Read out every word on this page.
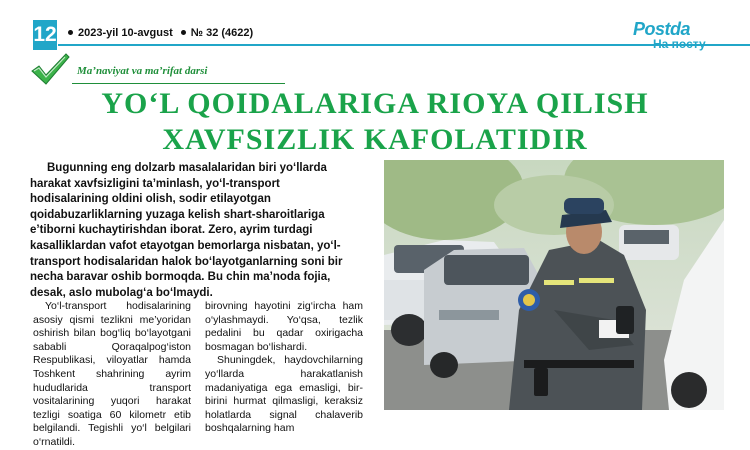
12	2023-yil 10-avgust № 32 (4622)	Postda
Ma’naviyat va ma’rifat darsi
YO‘L QOIDALARIGA RIOYA QILISH
XAVFSIZLIK KAFOLATIDIR
Bugunning eng dolzarb masalalaridan biri yo‘llarda harakat xavfsizligini ta’minlash, yo‘l-transport hodisalarining oldini olish, sodir etilayotgan qoidabuzarliklarning yuzaga kelish shart-sharoitlariga e’tiborni kuchaytirishdan iborat. Zero, ayrim turdagi kasalliklardan vafot etayotgan bemorlarga nisbatan, yo‘l-transport hodisalaridan halok bo‘layotganlarning soni bir necha baravar oshib bormoqda. Bu chin ma’noda fojia, desak, aslo mubolag‘a bo‘lmaydi.

Yo‘l-transport hodisalarining asosiy qismi tezlikni me’yoridan oshirish bilan bog‘liq bo‘layotgani sababli Qoraqalpog‘iston Respublikasi, viloyatlar hamda Toshkent shahrining ayrim hududlarida transport vositalarining yuqori harakat tezligi soatiga 60 kilometr etib belgilandi. Tegishli yo‘l belgilari o‘rnatildi.

birovning hayotini zig‘ircha ham o‘ylashmaydi. Yo‘qsa, tezlik pedalini bu qadar oxirigacha bosmagan bo‘lishardi.

Shuningdek, haydovchilarning yo‘llarda harakatlanish madaniyatiga ega emasligi, bir-birini hurmat qilmasligi, keraksiz holatlarda signal chalaverib boshqalarning ham
